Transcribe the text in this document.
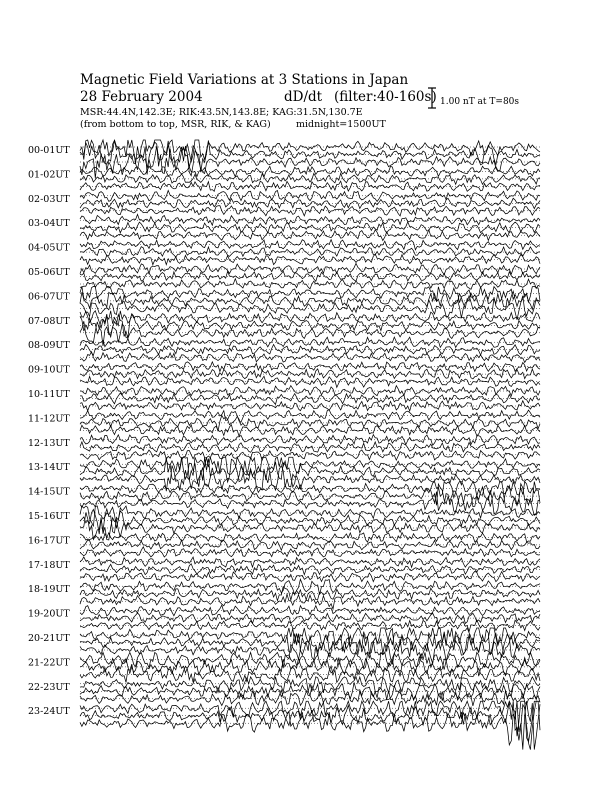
Magnetic Field Variations at 3 Stations in Japan
28 February 2004	dD/dt (filter:40-160s)
MSR:44.4N,142.3E; RIK:43.5N,143.8E; KAG:31.5N,130.7E
(from bottom to top, MSR, RIK, & KAG)	midnight=1500UT
1.00 nT at T=80s
00-01UT
01-02UT
02-03UT
03-04UT
04-05UT
05-06UT
06-07UT
07-08UT
08-09UT
09-10UT
10-11UT
11-12UT
12-13UT
13-14UT
14-15UT
15-16UT
16-17UT
17-18UT
18-19UT
19-20UT
20-21UT
21-22UT
22-23UT
23-24UT
